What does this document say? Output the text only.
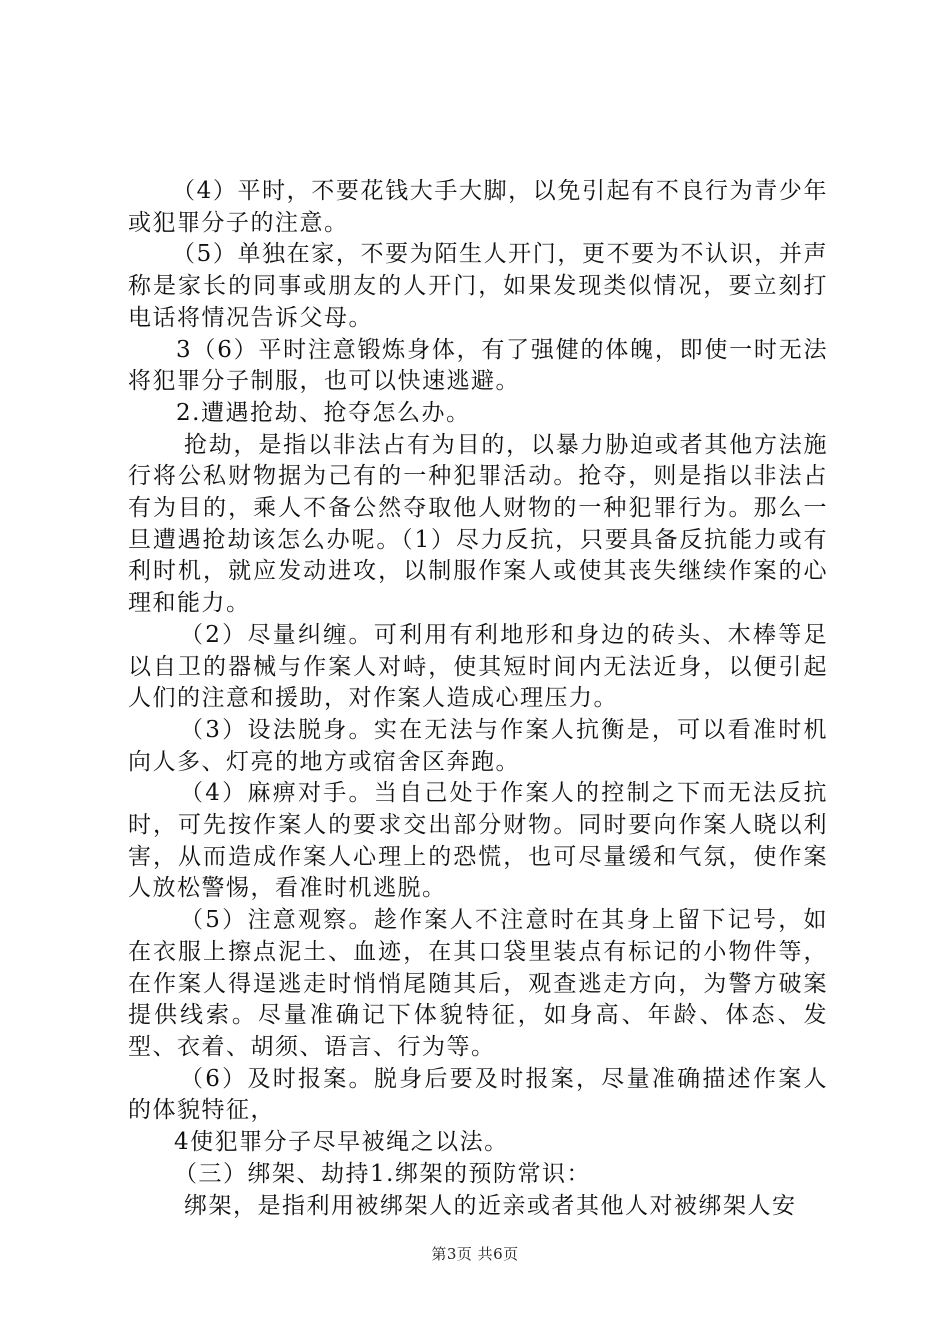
（4）平时，不要花钱大手大脚，以免引起有不良行为青少年或犯罪分子的注意。

（5）单独在家，不要为陌生人开门，更不要为不认识，并声称是家长的同事或朋友的人开门，如果发现类似情况，要立刻打电话将情况告诉父母。

3（6）平时注意锻炼身体，有了强健的体魄，即使一时无法将犯罪分子制服，也可以快速逃避。

2.遭遇抢劫、抢夺怎么办。

抢劫，是指以非法占有为目的，以暴力胁迫或者其他方法施行将公私财物据为己有的一种犯罪活动。抢夺，则是指以非法占有为目的，乘人不备公然夺取他人财物的一种犯罪行为。那么一旦遭遇抢劫该怎么办呢。（1）尽力反抗，只要具备反抗能力或有利时机，就应发动进攻，以制服作案人或使其丧失继续作案的心理和能力。

（2）尽量纠缠。可利用有利地形和身边的砖头、木棒等足以自卫的器械与作案人对峙，使其短时间内无法近身，以便引起人们的注意和援助，对作案人造成心理压力。

（3）设法脱身。实在无法与作案人抗衡是，可以看准时机向人多、灯亮的地方或宿舍区奔跑。

（4）麻痹对手。当自己处于作案人的控制之下而无法反抗时，可先按作案人的要求交出部分财物。同时要向作案人晓以利害，从而造成作案人心理上的恐慌，也可尽量缓和气氛，使作案人放松警惕，看准时机逃脱。

（5）注意观察。趁作案人不注意时在其身上留下记号，如在衣服上擦点泥土、血迹，在其口袋里装点有标记的小物件等，在作案人得逞逃走时悄悄尾随其后，观查逃走方向，为警方破案提供线索。尽量准确记下体貌特征，如身高、年龄、体态、发型、衣着、胡须、语言、行为等。

（6）及时报案。脱身后要及时报案，尽量准确描述作案人的体貌特征，

4使犯罪分子尽早被绳之以法。

（三）绑架、劫持1.绑架的预防常识：

绑架，是指利用被绑架人的近亲或者其他人对被绑架人安

第3页 共6页
